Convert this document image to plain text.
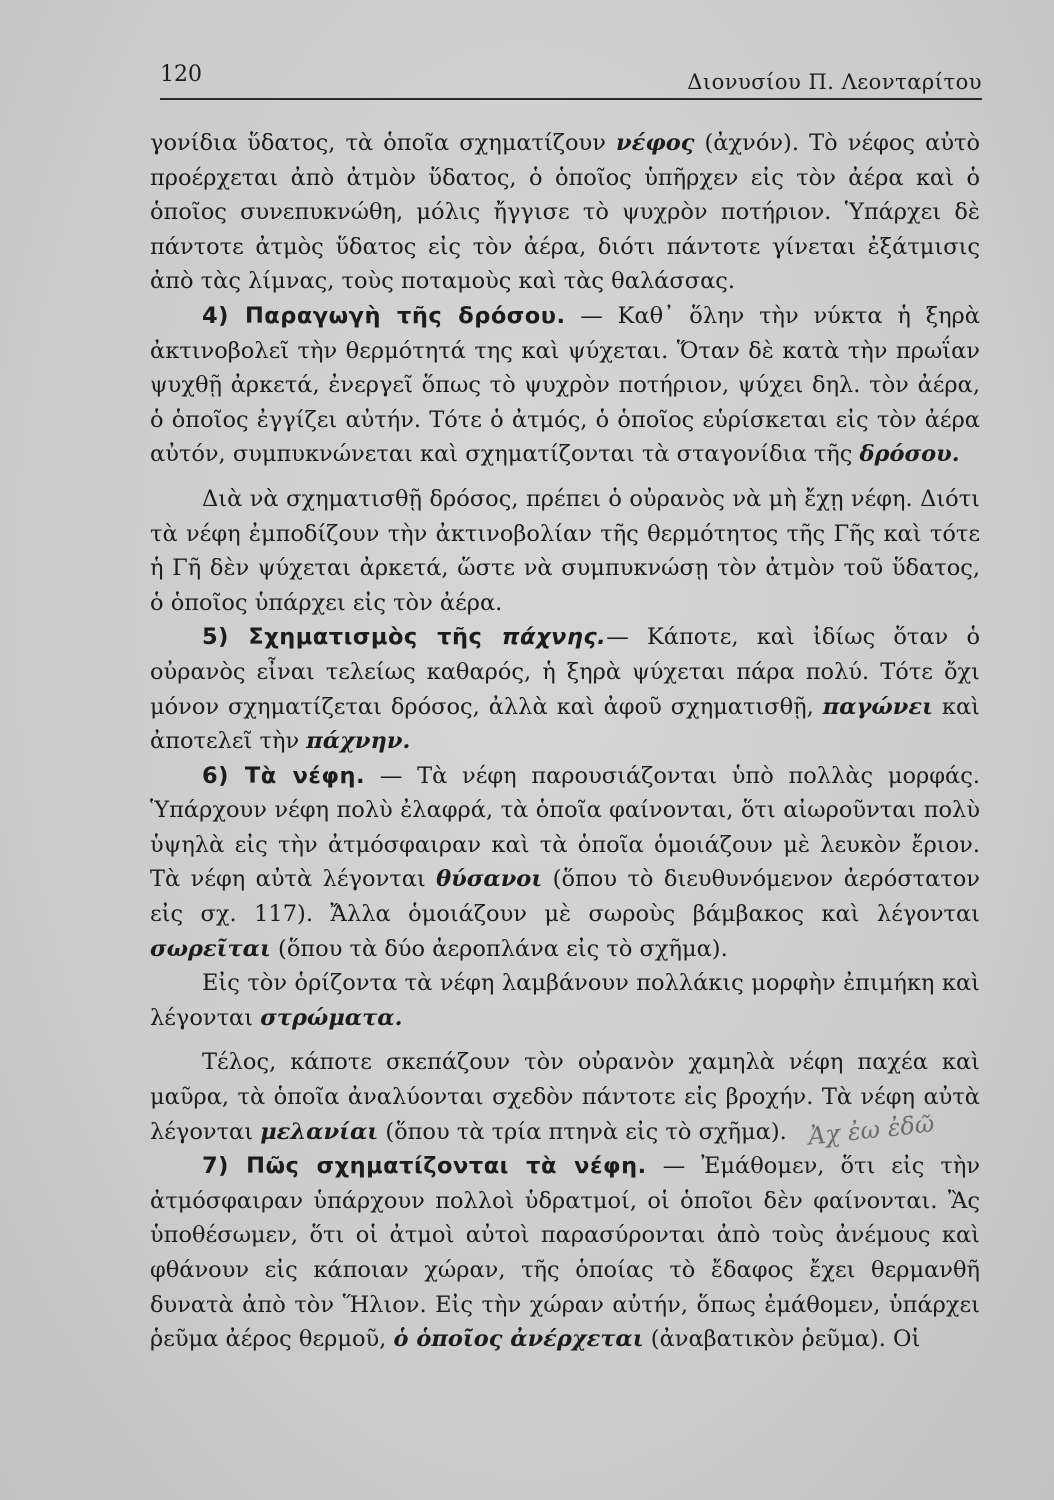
120	Διονυσίου Π. Λεονταρίτου

γονίδια ὕδατος, τὰ ὁποῖα σχηματίζουν νέφος (ἀχνόν). Τὸ νέφος αὐτὸ προέρχεται ἀπὸ ἀτμὸν ὕδατος, ὁ ὁποῖος ὑπῆρχεν εἰς τὸν ἀέρα καὶ ὁ ὁποῖος συνεπυκνώθη, μόλις ἤγγισε τὸ ψυχρὸν ποτήριον. Ὑπάρχει δὲ πάντοτε ἀτμὸς ὕδατος εἰς τὸν ἀέρα, διότι πάντοτε γίνεται ἐξάτμισις ἀπὸ τὰς λίμνας, τοὺς ποταμοὺς καὶ τὰς θαλάσσας.

4) Παραγωγὴ τῆς δρόσου. — Καθ᾽ ὅλην τὴν νύκτα ἡ ξηρὰ ἀκτινοβολεῖ τὴν θερμότητά της καὶ ψύχεται. Ὅταν δὲ κατὰ τὴν πρωΐαν ψυχθῇ ἀρκετά, ἐνεργεῖ ὅπως τὸ ψυχρὸν ποτήριον, ψύχει δηλ. τὸν ἀέρα, ὁ ὁποῖος ἐγγίζει αὐτήν. Τότε ὁ ἀτμός, ὁ ὁποῖος εὑρίσκεται εἰς τὸν ἀέρα αὐτόν, συμπυκνώνεται καὶ σχηματίζονται τὰ σταγονίδια τῆς δρόσου.

Διὰ νὰ σχηματισθῇ δρόσος, πρέπει ὁ οὐρανὸς νὰ μὴ ἔχῃ νέφη. Διότι τὰ νέφη ἐμποδίζουν τὴν ἀκτινοβολίαν τῆς θερμότητος τῆς Γῆς καὶ τότε ἡ Γῆ δὲν ψύχεται ἀρκετά, ὥστε νὰ συμπυκνώσῃ τὸν ἀτμὸν τοῦ ὕδατος, ὁ ὁποῖος ὑπάρχει εἰς τὸν ἀέρα.

5) Σχηματισμὸς τῆς πάχνης.— Κάποτε, καὶ ἰδίως ὅταν ὁ οὐρανὸς εἶναι τελείως καθαρός, ἡ ξηρὰ ψύχεται πάρα πολύ. Τότε ὄχι μόνον σχηματίζεται δρόσος, ἀλλὰ καὶ ἀφοῦ σχηματισθῇ, παγώνει καὶ ἀποτελεῖ τὴν πάχνην.

6) Τὰ νέφη. — Τὰ νέφη παρουσιάζονται ὑπὸ πολλὰς μορφάς. Ὑπάρχουν νέφη πολὺ ἐλαφρά, τὰ ὁποῖα φαίνονται, ὅτι αἰωροῦνται πολὺ ὑψηλὰ εἰς τὴν ἀτμόσφαιραν καὶ τὰ ὁποῖα ὁμοιάζουν μὲ λευκὸν ἔριον. Τὰ νέφη αὐτὰ λέγονται θύσανοι (ὅπου τὸ διευθυνόμενον ἀερόστατον εἰς σχ. 117). Ἄλλα ὁμοιάζουν μὲ σωροὺς βάμβακος καὶ λέγονται σωρεῖται (ὅπου τὰ δύο ἀεροπλάνα εἰς τὸ σχῆμα).

Εἰς τὸν ὁρίζοντα τὰ νέφη λαμβάνουν πολλάκις μορφὴν ἐπιμήκη καὶ λέγονται στρώματα.

Τέλος, κάποτε σκεπάζουν τὸν οὐρανὸν χαμηλὰ νέφη παχέα καὶ μαῦρα, τὰ ὁποῖα ἀναλύονται σχεδὸν πάντοτε εἰς βροχήν. Τὰ νέφη αὐτὰ λέγονται μελανίαι (ὅπου τὰ τρία πτηνὰ εἰς τὸ σχῆμα).

7) Πῶς σχηματίζονται τὰ νέφη. — Ἐμάθομεν, ὅτι εἰς τὴν ἀτμόσφαιραν ὑπάρχουν πολλοὶ ὑδρατμοί, οἱ ὁποῖοι δὲν φαίνονται. Ἂς ὑποθέσωμεν, ὅτι οἱ ἀτμοὶ αὐτοὶ παρασύρονται ἀπὸ τοὺς ἀνέμους καὶ φθάνουν εἰς κάποιαν χώραν, τῆς ὁποίας τὸ ἔδαφος ἔχει θερμανθῆ δυνατὰ ἀπὸ τὸν Ἥλιον. Εἰς τὴν χώραν αὐτήν, ὅπως ἐμάθομεν, ὑπάρχει ῥεῦμα ἀέρος θερμοῦ, ὁ ὁποῖος ἀνέρχεται (ἀναβατικὸν ῥεῦμα). Οἱ

Ἀχ ἐω ἐδῶ
